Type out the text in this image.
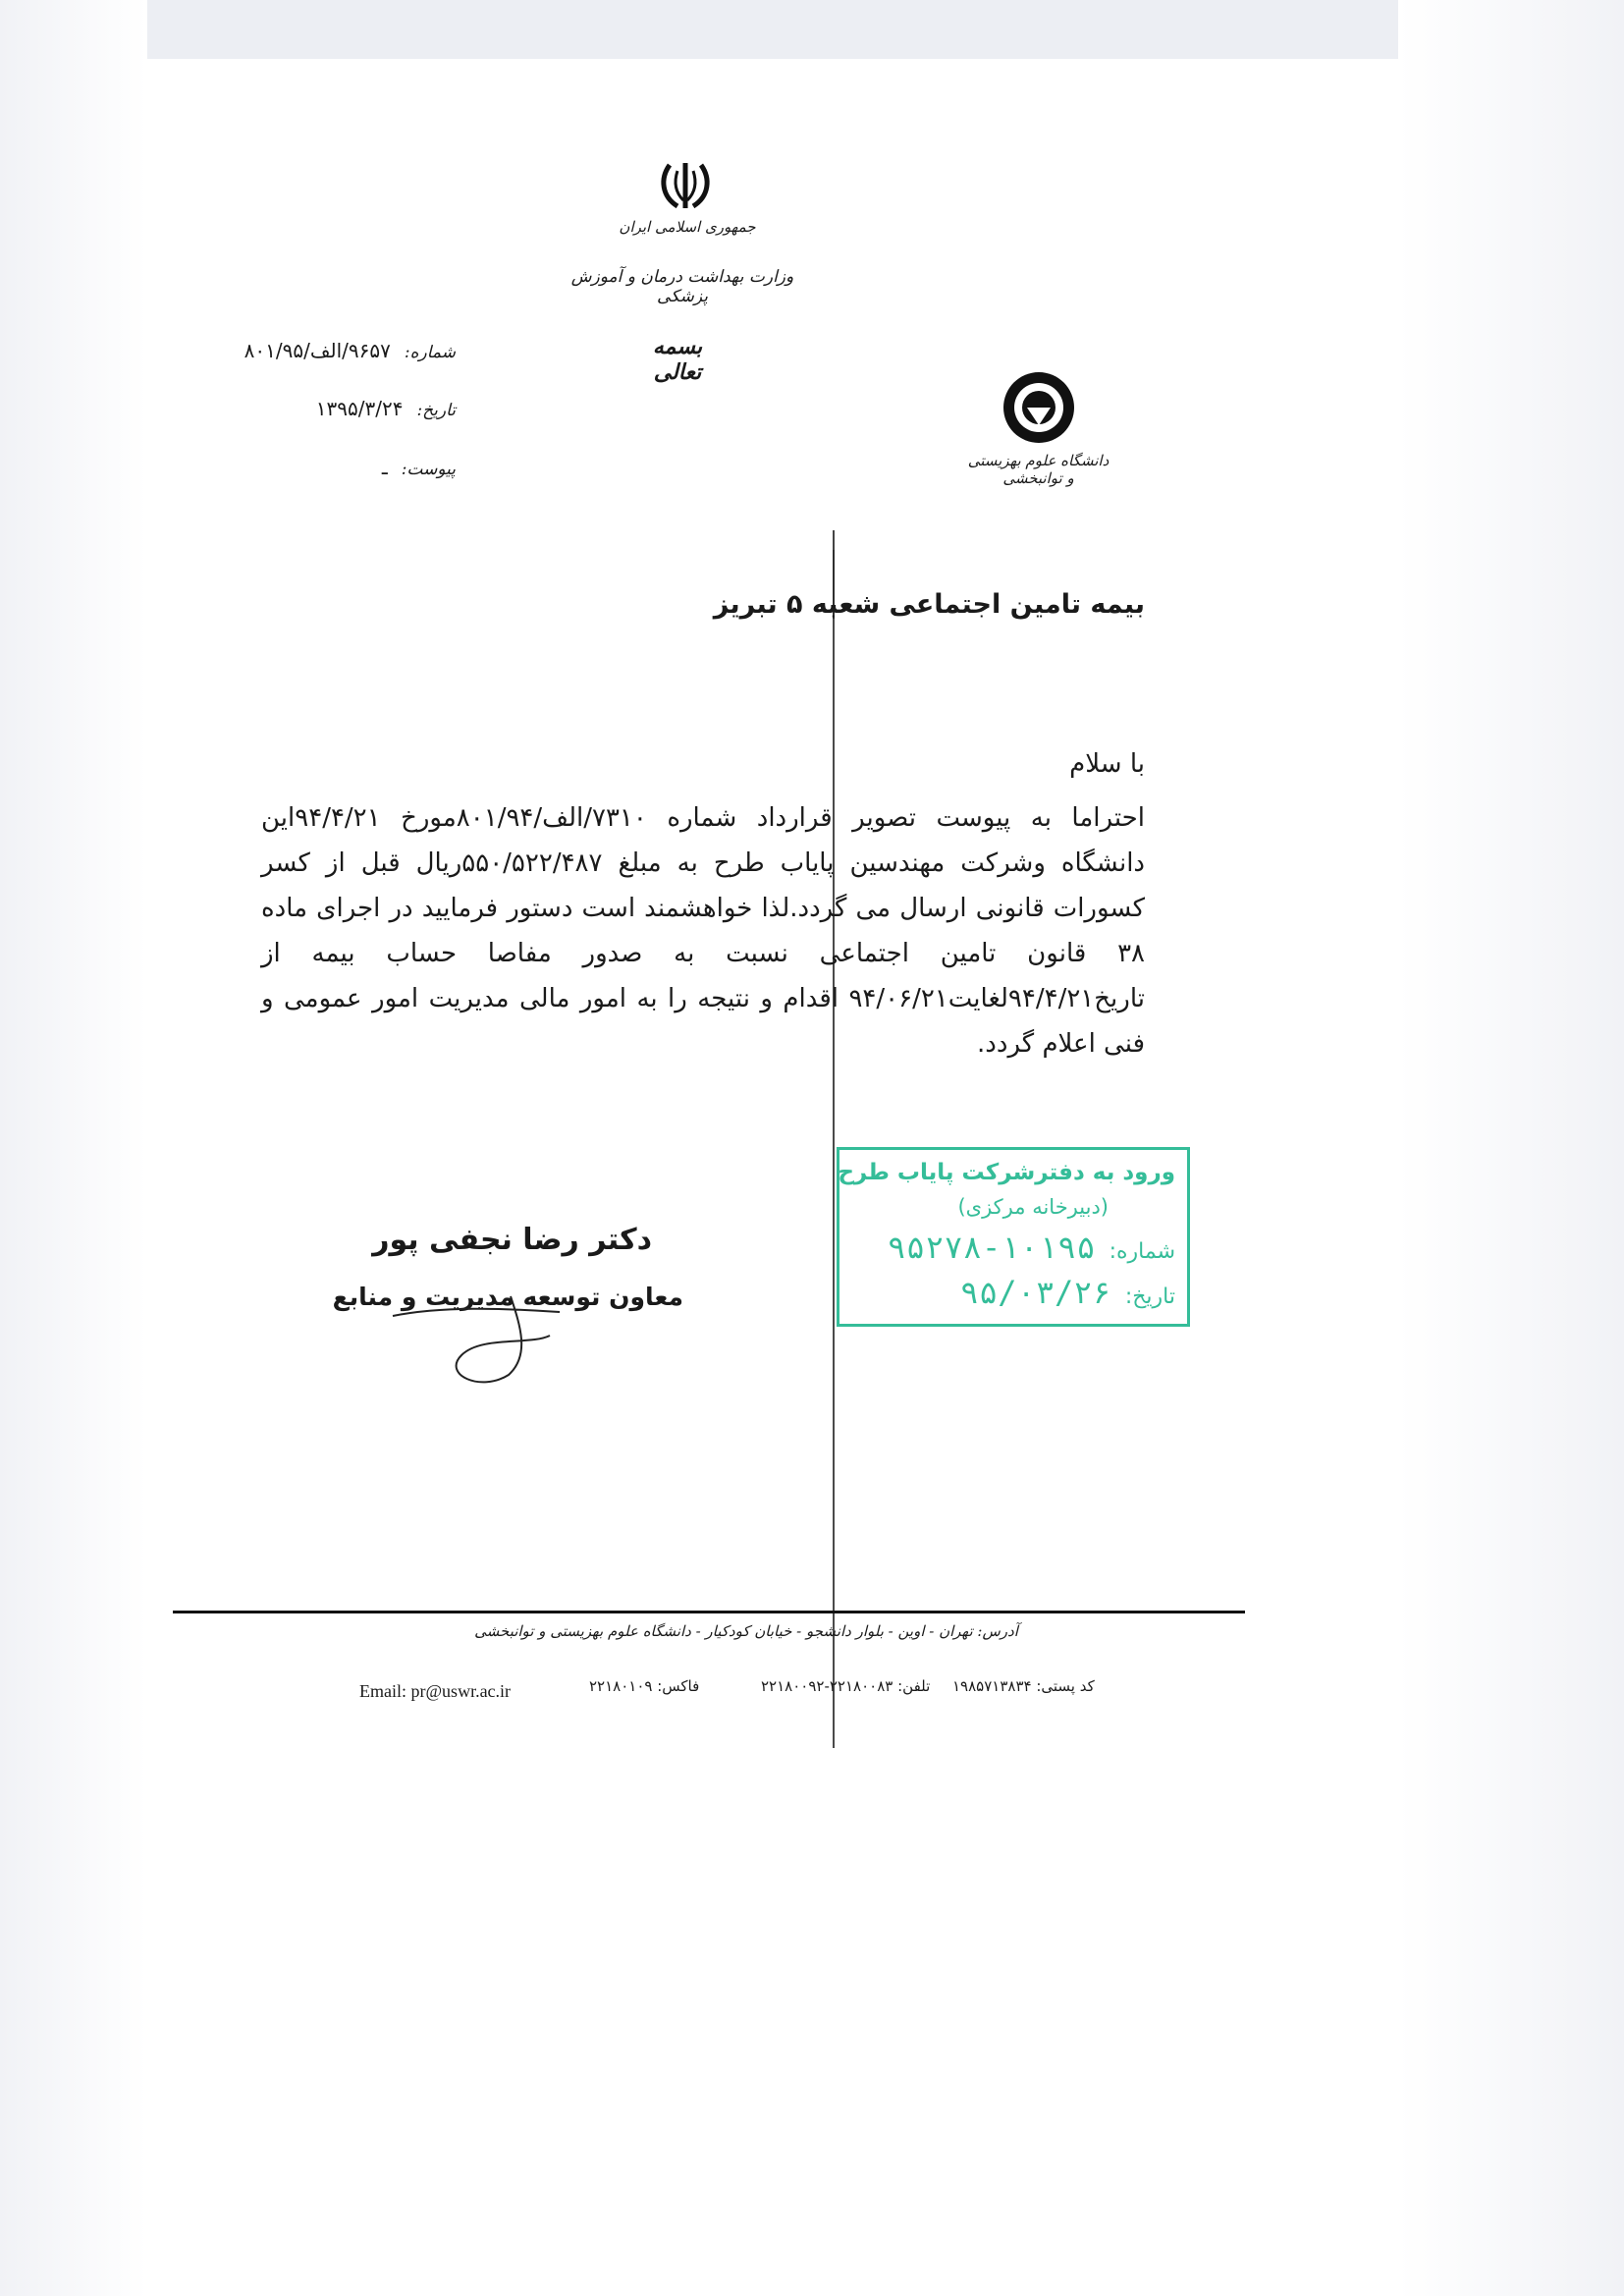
جمهوری اسلامی ایران
وزارت بهداشت درمان و آموزش پزشکی
بسمه تعالی
شماره:۹۶۵۷/الف/۸۰۱/۹۵
تاریخ:۱۳۹۵/۳/۲۴
پیوست:ـ	دانشگاه علوم بهزیستی و توانبخشی
بیمه تامین اجتماعی شعبه ۵ تبریز
با سلام
احتراما به پیوست تصویر قرارداد شماره ۷۳۱۰/الف/۸۰۱/۹۴مورخ ۹۴/۴/۲۱این دانشگاه وشرکت مهندسین پایاب طرح به مبلغ ۵۵۰/۵۲۲/۴۸۷ریال قبل از کسر کسورات قانونی ارسال می گردد.لذا خواهشمند است دستور فرمایید در اجرای ماده ۳۸ قانون تامین اجتماعی نسبت به صدور مفاصا حساب بیمه از تاریخ۹۴/۴/۲۱لغایت۹۴/۰۶/۲۱ اقدام و نتیجه را به امور مالی مدیریت امور عمومی و فنی اعلام گردد.
ورود به دفترشرکت پایاب طرح
(دبیرخانه مرکزی)
شماره:۱۰۱۹۵-۹۵۲۷۸
تاریخ:۹۵/۰۳/۲۶
دکتر رضا نجفی پور
معاون توسعه مدیریت و منابع
آدرس: تهران - اوین - بلوار دانشجو - خیابان کودکیار - دانشگاه علوم بهزیستی و توانبخشی
کد پستی: ۱۹۸۵۷۱۳۸۳۴
تلفن: ۲۲۱۸۰۰۸۳-۲۲۱۸۰۰۹۲
فاکس: ۲۲۱۸۰۱۰۹
Email: pr@uswr.ac.ir
